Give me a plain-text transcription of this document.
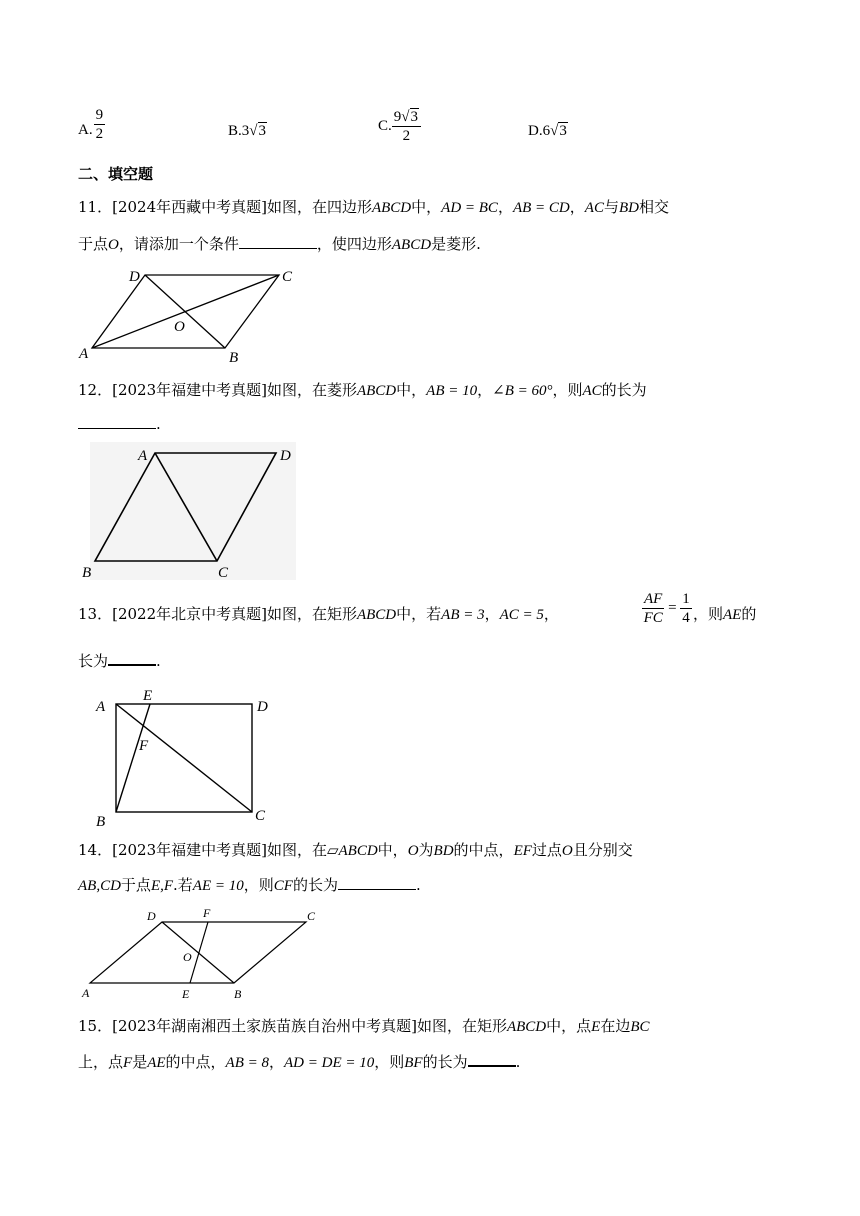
A. $\frac{9}{2}$	B.3√3	C. $\frac{9√3}{2}$	D.6√3
二、填空题
11．[2024年西藏中考真题]如图，在四边形ABCD中，AD = BC，AB = CD，AC与BD相交
于点O，请添加一个条件	，使四边形ABCD是菱形.
A	B
C
D
O
12．[2023年福建中考真题]如图，在菱形ABCD中，AB = 10，∠B = 60°，则AC的长为
.
A
B	C
D
13．[2022年北京中考真题]如图，在矩形ABCD中，若AB = 3，AC = 5，	$\frac{AF}{FC} = \frac{1}{4}$ ，则AE的
长为	.
A
B	C
D
E
F
14．[2023年福建中考真题]如图，在▱ABCD中，O为BD的中点，EF过点O且分别交
AB,CD于点E,F.若AE = 10，则CF的长为	.
A	B
C
D
E
F
O
15．[2023年湖南湘西土家族苗族自治州中考真题]如图，在矩形ABCD中，点E在边BC
上，点F是AE的中点，AB = 8，AD = DE = 10，则BF的长为	.
